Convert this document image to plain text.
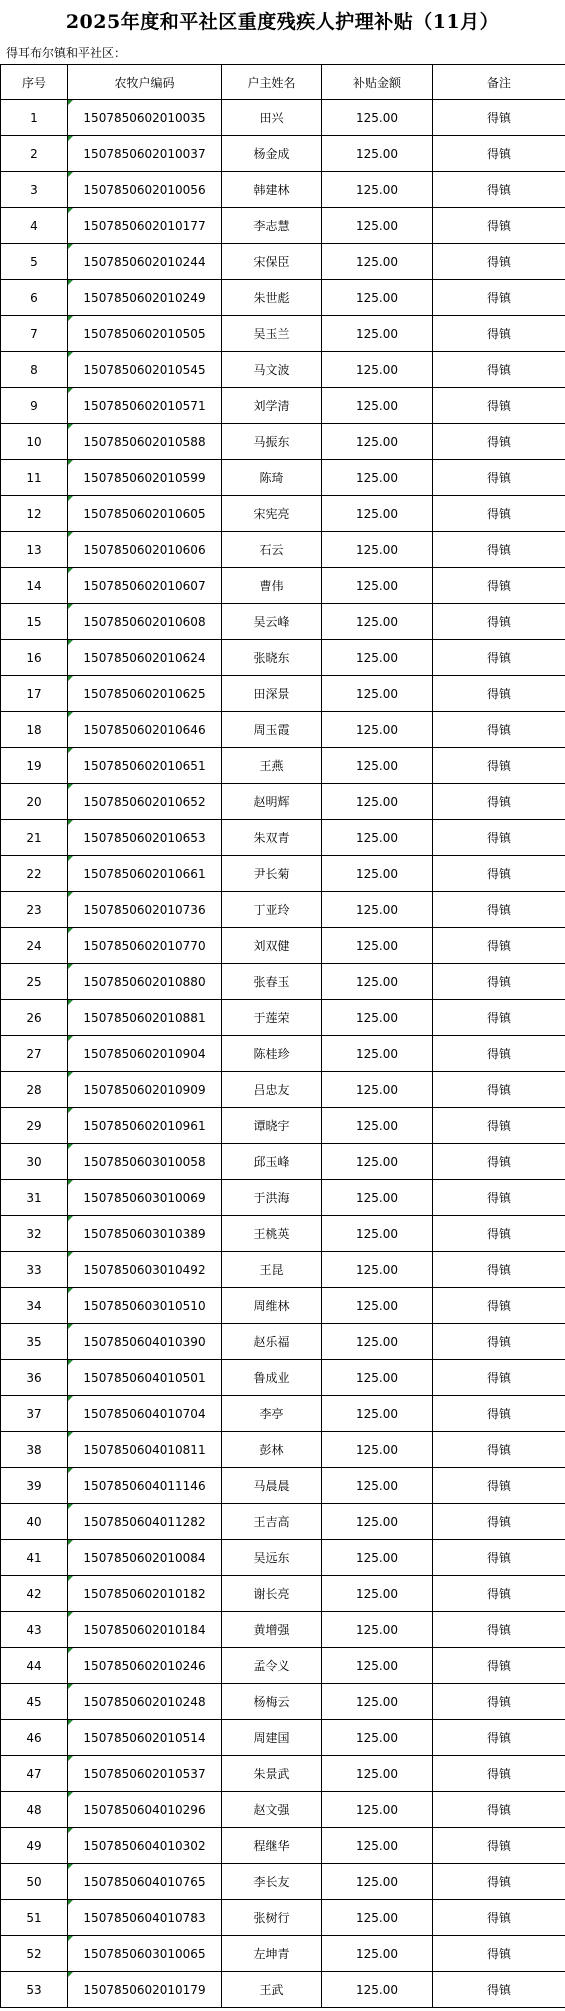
2025年度和平社区重度残疾人护理补贴（11月）
得耳布尔镇和平社区：
序号	农牧户编码	户主姓名	补贴金额	备注
1	1507850602010035	田兴	125.00	得镇
2	1507850602010037	杨金成	125.00	得镇
3	1507850602010056	韩建林	125.00	得镇
4	1507850602010177	李志慧	125.00	得镇
5	1507850602010244	宋保臣	125.00	得镇
6	1507850602010249	朱世彪	125.00	得镇
7	1507850602010505	吴玉兰	125.00	得镇
8	1507850602010545	马文波	125.00	得镇
9	1507850602010571	刘学清	125.00	得镇
10	1507850602010588	马振东	125.00	得镇
11	1507850602010599	陈琦	125.00	得镇
12	1507850602010605	宋宪亮	125.00	得镇
13	1507850602010606	石云	125.00	得镇
14	1507850602010607	曹伟	125.00	得镇
15	1507850602010608	吴云峰	125.00	得镇
16	1507850602010624	张晓东	125.00	得镇
17	1507850602010625	田深景	125.00	得镇
18	1507850602010646	周玉霞	125.00	得镇
19	1507850602010651	王燕	125.00	得镇
20	1507850602010652	赵明辉	125.00	得镇
21	1507850602010653	朱双青	125.00	得镇
22	1507850602010661	尹长菊	125.00	得镇
23	1507850602010736	丁亚玲	125.00	得镇
24	1507850602010770	刘双健	125.00	得镇
25	1507850602010880	张春玉	125.00	得镇
26	1507850602010881	于莲荣	125.00	得镇
27	1507850602010904	陈桂珍	125.00	得镇
28	1507850602010909	吕忠友	125.00	得镇
29	1507850602010961	谭晓宇	125.00	得镇
30	1507850603010058	邱玉峰	125.00	得镇
31	1507850603010069	于洪海	125.00	得镇
32	1507850603010389	王桃英	125.00	得镇
33	1507850603010492	王昆	125.00	得镇
34	1507850603010510	周维林	125.00	得镇
35	1507850604010390	赵乐福	125.00	得镇
36	1507850604010501	鲁成业	125.00	得镇
37	1507850604010704	李亭	125.00	得镇
38	1507850604010811	彭林	125.00	得镇
39	1507850604011146	马晨晨	125.00	得镇
40	1507850604011282	王吉高	125.00	得镇
41	1507850602010084	吴远东	125.00	得镇
42	1507850602010182	谢长亮	125.00	得镇
43	1507850602010184	黄增强	125.00	得镇
44	1507850602010246	孟令义	125.00	得镇
45	1507850602010248	杨梅云	125.00	得镇
46	1507850602010514	周建国	125.00	得镇
47	1507850602010537	朱景武	125.00	得镇
48	1507850604010296	赵文强	125.00	得镇
49	1507850604010302	程继华	125.00	得镇
50	1507850604010765	李长友	125.00	得镇
51	1507850604010783	张树行	125.00	得镇
52	1507850603010065	左坤青	125.00	得镇
53	1507850602010179	王武	125.00	得镇
